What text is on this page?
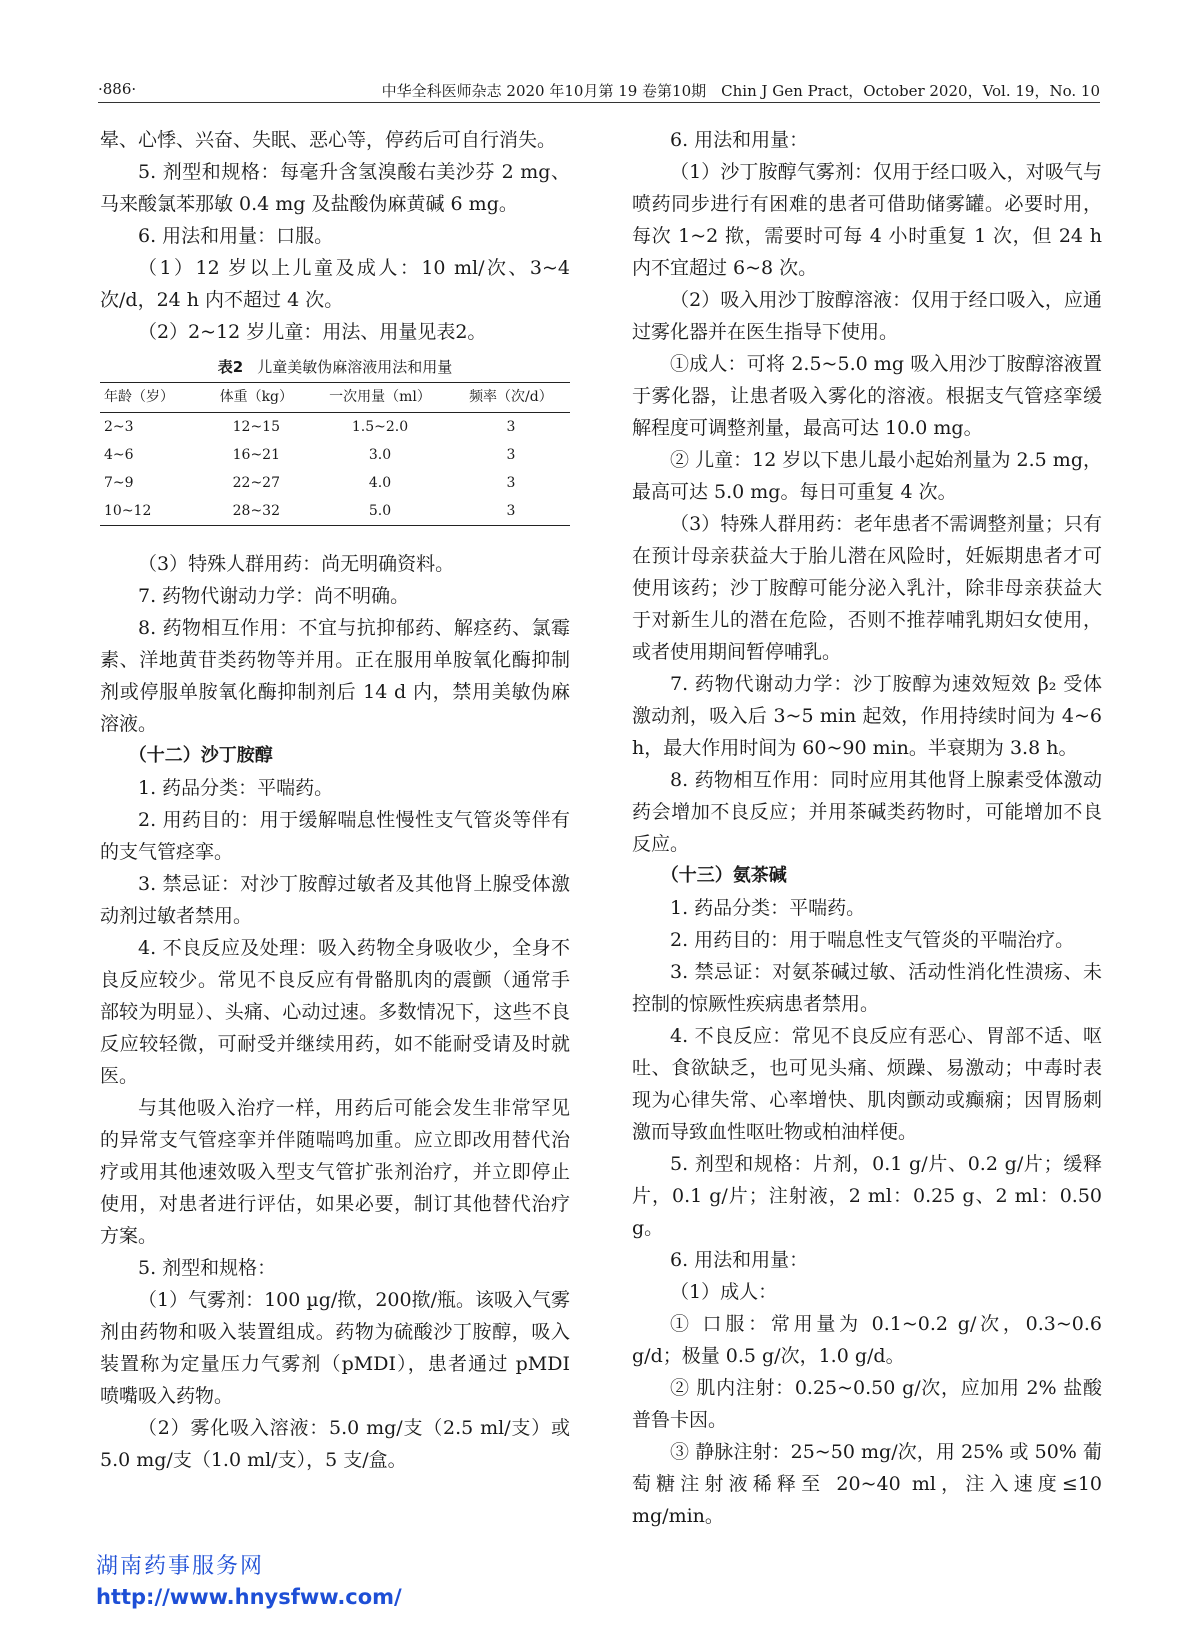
·886·	中华全科医师杂志 2020 年10月第 19 卷第10期　Chin J Gen Pract，October 2020，Vol. 19，No. 10

晕、心悸、兴奋、失眠、恶心等，停药后可自行消失。

5. 剂型和规格：每毫升含氢溴酸右美沙芬 2 mg、马来酸氯苯那敏 0.4 mg 及盐酸伪麻黄碱 6 mg。

6. 用法和用量：口服。

（1）12 岁以上儿童及成人：10 ml/次、3~4 次/d，24 h 内不超过 4 次。

（2）2~12 岁儿童：用法、用量见表2。

表2 儿童美敏伪麻溶液用法和用量
年龄（岁）	体重（kg）	一次用量（ml）	频率（次/d）
2~3	12~15	1.5~2.0	3
4~6	16~21	3.0	3
7~9	22~27	4.0	3
10~12	28~32	5.0	3

（3）特殊人群用药：尚无明确资料。

7. 药物代谢动力学：尚不明确。

8. 药物相互作用：不宜与抗抑郁药、解痉药、氯霉素、洋地黄苷类药物等并用。正在服用单胺氧化酶抑制剂或停服单胺氧化酶抑制剂后 14 d 内，禁用美敏伪麻溶液。

（十二）沙丁胺醇

1. 药品分类：平喘药。

2. 用药目的：用于缓解喘息性慢性支气管炎等伴有的支气管痉挛。

3. 禁忌证：对沙丁胺醇过敏者及其他肾上腺受体激动剂过敏者禁用。

4. 不良反应及处理：吸入药物全身吸收少，全身不良反应较少。常见不良反应有骨骼肌肉的震颤（通常手部较为明显）、头痛、心动过速。多数情况下，这些不良反应较轻微，可耐受并继续用药，如不能耐受请及时就医。

与其他吸入治疗一样，用药后可能会发生非常罕见的异常支气管痉挛并伴随喘鸣加重。应立即改用替代治疗或用其他速效吸入型支气管扩张剂治疗，并立即停止使用，对患者进行评估，如果必要，制订其他替代治疗方案。

5. 剂型和规格：

（1）气雾剂：100 µg/揿，200揿/瓶。该吸入气雾剂由药物和吸入装置组成。药物为硫酸沙丁胺醇，吸入装置称为定量压力气雾剂（pMDI），患者通过 pMDI 喷嘴吸入药物。

（2）雾化吸入溶液：5.0 mg/支（2.5 ml/支）或 5.0 mg/支（1.0 ml/支），5 支/盒。

6. 用法和用量：

（1）沙丁胺醇气雾剂：仅用于经口吸入，对吸气与喷药同步进行有困难的患者可借助储雾罐。必要时用，每次 1~2 揿，需要时可每 4 小时重复 1 次，但 24 h 内不宜超过 6~8 次。

（2）吸入用沙丁胺醇溶液：仅用于经口吸入，应通过雾化器并在医生指导下使用。

①成人：可将 2.5~5.0 mg 吸入用沙丁胺醇溶液置于雾化器，让患者吸入雾化的溶液。根据支气管痉挛缓解程度可调整剂量，最高可达 10.0 mg。

② 儿童：12 岁以下患儿最小起始剂量为 2.5 mg，最高可达 5.0 mg。每日可重复 4 次。

（3）特殊人群用药：老年患者不需调整剂量；只有在预计母亲获益大于胎儿潜在风险时，妊娠期患者才可使用该药；沙丁胺醇可能分泌入乳汁，除非母亲获益大于对新生儿的潜在危险，否则不推荐哺乳期妇女使用，或者使用期间暂停哺乳。

7. 药物代谢动力学：沙丁胺醇为速效短效 β₂ 受体激动剂，吸入后 3~5 min 起效，作用持续时间为 4~6 h，最大作用时间为 60~90 min。半衰期为 3.8 h。

8. 药物相互作用：同时应用其他肾上腺素受体激动药会增加不良反应；并用茶碱类药物时，可能增加不良反应。

（十三）氨茶碱

1. 药品分类：平喘药。

2. 用药目的：用于喘息性支气管炎的平喘治疗。

3. 禁忌证：对氨茶碱过敏、活动性消化性溃疡、未控制的惊厥性疾病患者禁用。

4. 不良反应：常见不良反应有恶心、胃部不适、呕吐、食欲缺乏，也可见头痛、烦躁、易激动；中毒时表现为心律失常、心率增快、肌肉颤动或癫痫；因胃肠刺激而导致血性呕吐物或柏油样便。

5. 剂型和规格：片剂，0.1 g/片、0.2 g/片；缓释片，0.1 g/片；注射液，2 ml：0.25 g、2 ml：0.50 g。

6. 用法和用量：

（1）成人：

① 口服：常用量为 0.1~0.2 g/次，0.3~0.6 g/d；极量 0.5 g/次，1.0 g/d。

② 肌内注射：0.25~0.50 g/次，应加用 2% 盐酸普鲁卡因。

③ 静脉注射：25~50 mg/次，用 25% 或 50% 葡萄糖注射液稀释至 20~40 ml，注入速度≤10 mg/min。

湖南药事服务网
http://www.hnysfww.com/
